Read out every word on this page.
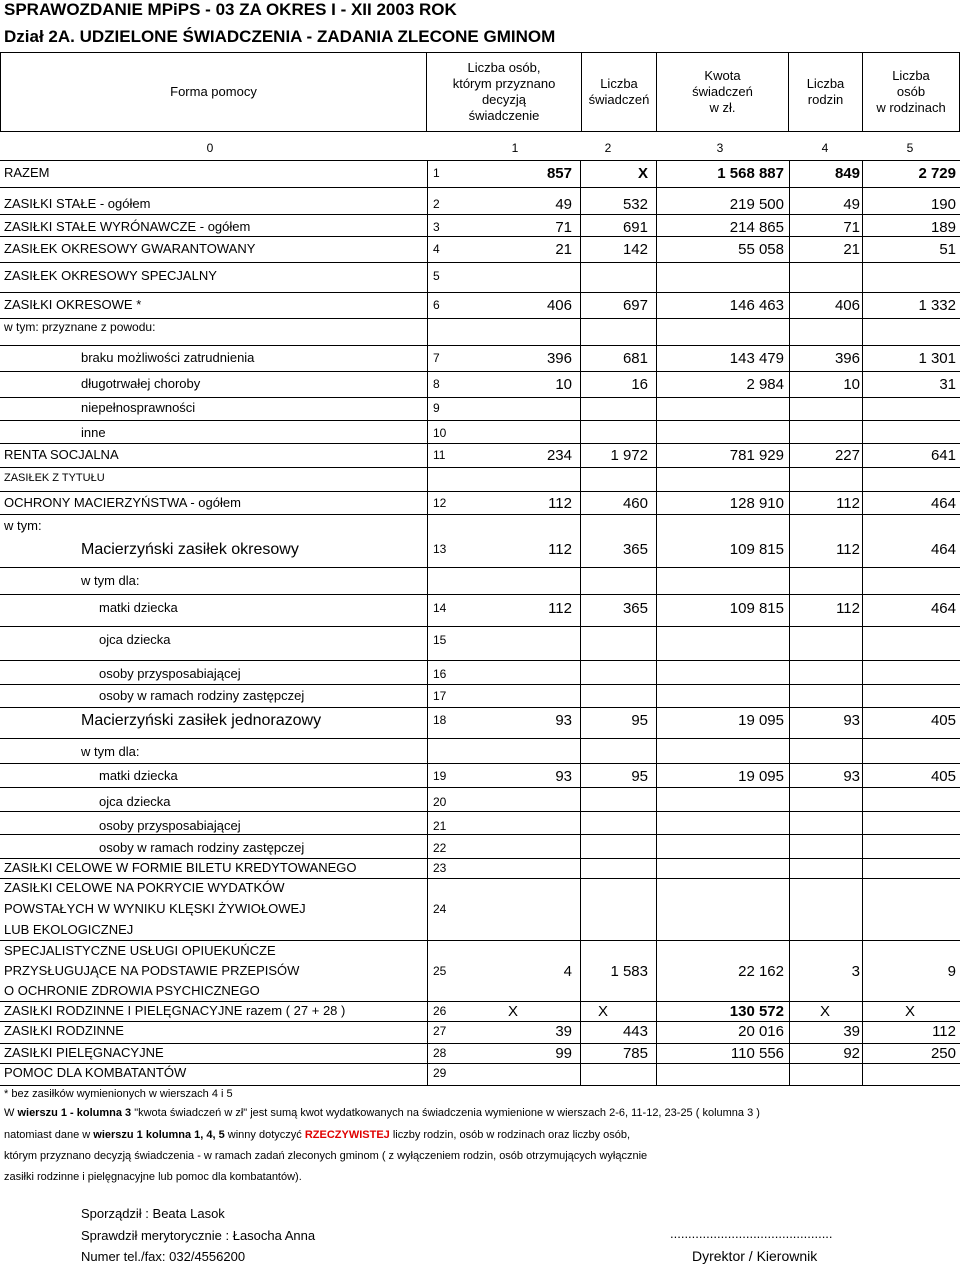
SPRAWOZDANIE MPiPS - 03 ZA OKRES I - XII 2003 ROK
Dział 2A. UDZIELONE ŚWIADCZENIA - ZADANIA ZLECONE GMINOM
Forma pomocy
Liczba osób,
którym przyznano
decyzją
świadczenie
Liczba
świadczeń
Kwota
świadczeń
w zł.
Liczba
rodzin
Liczba
osób
w rodzinach
0	1	2	3	4	5
RAZEM	1	857	X	1 568 887	849	2 729
ZASIŁKI STAŁE - ogółem	2	49	532	219 500	49	190
ZASIŁKI STAŁE WYRÓNAWCZE - ogółem	3	71	691	214 865	71	189
ZASIŁEK OKRESOWY GWARANTOWANY	4	21	142	55 058	21	51
ZASIŁEK OKRESOWY SPECJALNY	5
ZASIŁKI OKRESOWE *	6	406	697	146 463	406	1 332
w tym: przyznane z powodu:
braku możliwości zatrudnienia	7	396	681	143 479	396	1 301
długotrwałej choroby	8	10	16	2 984	10	31
niepełnosprawności	9
inne	10
RENTA SOCJALNA	11	234	1 972	781 929	227	641
ZASIŁEK Z TYTUŁU
OCHRONY MACIERZYŃSTWA - ogółem	12	112	460	128 910	112	464
w tym:
Macierzyński zasiłek okresowy	13	112	365	109 815	112	464
w tym dla:
matki dziecka	14	112	365	109 815	112	464
ojca dziecka	15
osoby przysposabiającej	16
osoby w ramach rodziny zastępczej	17
Macierzyński zasiłek jednorazowy	18	93	95	19 095	93	405
w tym dla:
matki dziecka	19	93	95	19 095	93	405
ojca dziecka	20
osoby przysposabiającej	21
osoby w ramach rodziny zastępczej	22
ZASIŁKI CELOWE W FORMIE BILETU KREDYTOWANEGO	23
ZASIŁKI CELOWE NA POKRYCIE WYDATKÓW
POWSTAŁYCH W WYNIKU KLĘSKI ŻYWIOŁOWEJ	24
LUB EKOLOGICZNEJ
SPECJALISTYCZNE USŁUGI OPIUEKUŃCZE
PRZYSŁUGUJĄCE NA PODSTAWIE PRZEPISÓW	25	4	1 583	22 162	3	9
O OCHRONIE ZDROWIA PSYCHICZNEGO
ZASIŁKI RODZINNE I PIELĘGNACYJNE razem ( 27 + 28 )	26	X	X	130 572 X	X
ZASIŁKI RODZINNE	27	39	443	20 016	39	112
ZASIŁKI PIELĘGNACYJNE	28	99	785	110 556	92	250
POMOC DLA KOMBATANTÓW	29
* bez zasiłków wymienionych w wierszach 4 i 5
W wierszu 1 - kolumna 3 "kwota świadczeń w zł" jest sumą kwot wydatkowanych na świadczenia wymienione w wierszach 2-6, 11-12, 23-25 ( kolumna 3 )
natomiast dane w wierszu 1 kolumna 1, 4, 5 winny dotyczyć RZECZYWISTEJ liczby rodzin, osób w rodzinach oraz liczby osób,
którym przyznano decyzją świadczenia - w ramach zadań zleconych gminom ( z wyłączeniem rodzin, osób otrzymujących wyłącznie
zasiłki rodzinne i pielęgnacyjne lub pomoc dla kombatantów).
Sporządził : Beata Lasok
Sprawdził merytorycznie : Łasocha Anna
Numer tel./fax: 032/4556200
.............................................
Dyrektor / Kierownik
